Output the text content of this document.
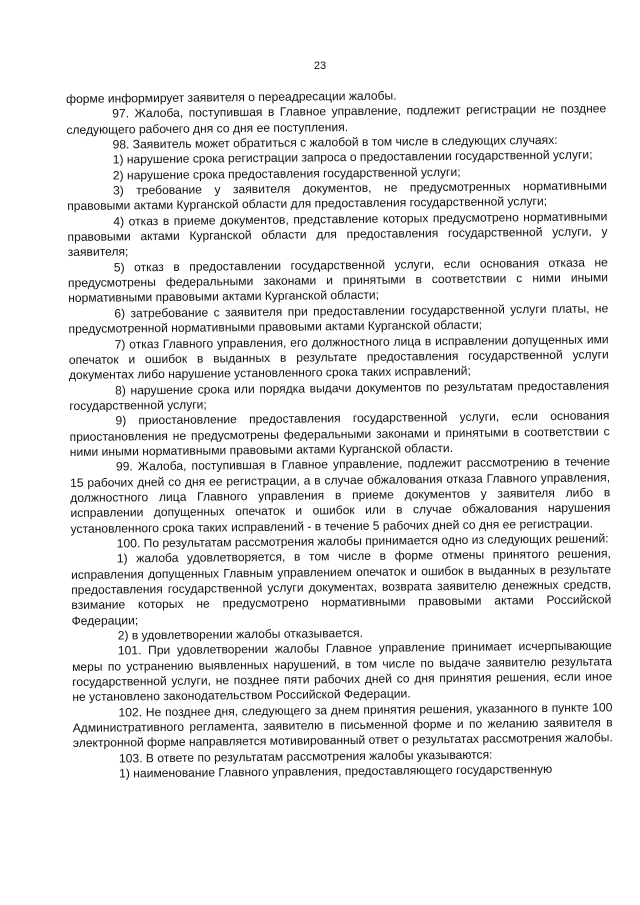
23

форме информирует заявителя о переадресации жалобы.

97. Жалоба, поступившая в Главное управление, подлежит регистрации не позднее следующего рабочего дня со дня ее поступления.

98. Заявитель может обратиться с жалобой в том числе в следующих случаях:

1) нарушение срока регистрации запроса о предоставлении государственной услуги;

2) нарушение срока предоставления государственной услуги;

3) требование у заявителя документов, не предусмотренных нормативными правовыми актами Курганской области для предоставления государственной услуги;

4) отказ в приеме документов, представление которых предусмотрено нормативными правовыми актами Курганской области для предоставления государственной услуги, у заявителя;

5) отказ в предоставлении государственной услуги, если основания отказа не предусмотрены федеральными законами и принятыми в соответствии с ними иными нормативными правовыми актами Курганской области;

6) затребование с заявителя при предоставлении государственной услуги платы, не предусмотренной нормативными правовыми актами Курганской области;

7) отказ Главного управления, его должностного лица в исправлении допущенных ими опечаток и ошибок в выданных в результате предоставления государственной услуги документах либо нарушение установленного срока таких исправлений;

8) нарушение срока или порядка выдачи документов по результатам предоставления государственной услуги;

9) приостановление предоставления государственной услуги, если основания приостановления не предусмотрены федеральными законами и принятыми в соответствии с ними иными нормативными правовыми актами Курганской области.

99. Жалоба, поступившая в Главное управление, подлежит рассмотрению в течение 15 рабочих дней со дня ее регистрации, а в случае обжалования отказа Главного управления, должностного лица Главного управления в приеме документов у заявителя либо в исправлении допущенных опечаток и ошибок или в случае обжалования нарушения установленного срока таких исправлений - в течение 5 рабочих дней со дня ее регистрации.

100. По результатам рассмотрения жалобы принимается одно из следующих решений:

1) жалоба удовлетворяется, в том числе в форме отмены принятого решения, исправления допущенных Главным управлением опечаток и ошибок в выданных в результате предоставления государственной услуги документах, возврата заявителю денежных средств, взимание которых не предусмотрено нормативными правовыми актами Российской Федерации;

2) в удовлетворении жалобы отказывается.

101. При удовлетворении жалобы Главное управление принимает исчерпывающие меры по устранению выявленных нарушений, в том числе по выдаче заявителю результата государственной услуги, не позднее пяти рабочих дней со дня принятия решения, если иное не установлено законодательством Российской Федерации.

102. Не позднее дня, следующего за днем принятия решения, указанного в пункте 100 Административного регламента, заявителю в письменной форме и по желанию заявителя в электронной форме направляется мотивированный ответ о результатах рассмотрения жалобы.

103. В ответе по результатам рассмотрения жалобы указываются:

1) наименование Главного управления, предоставляющего государственную
